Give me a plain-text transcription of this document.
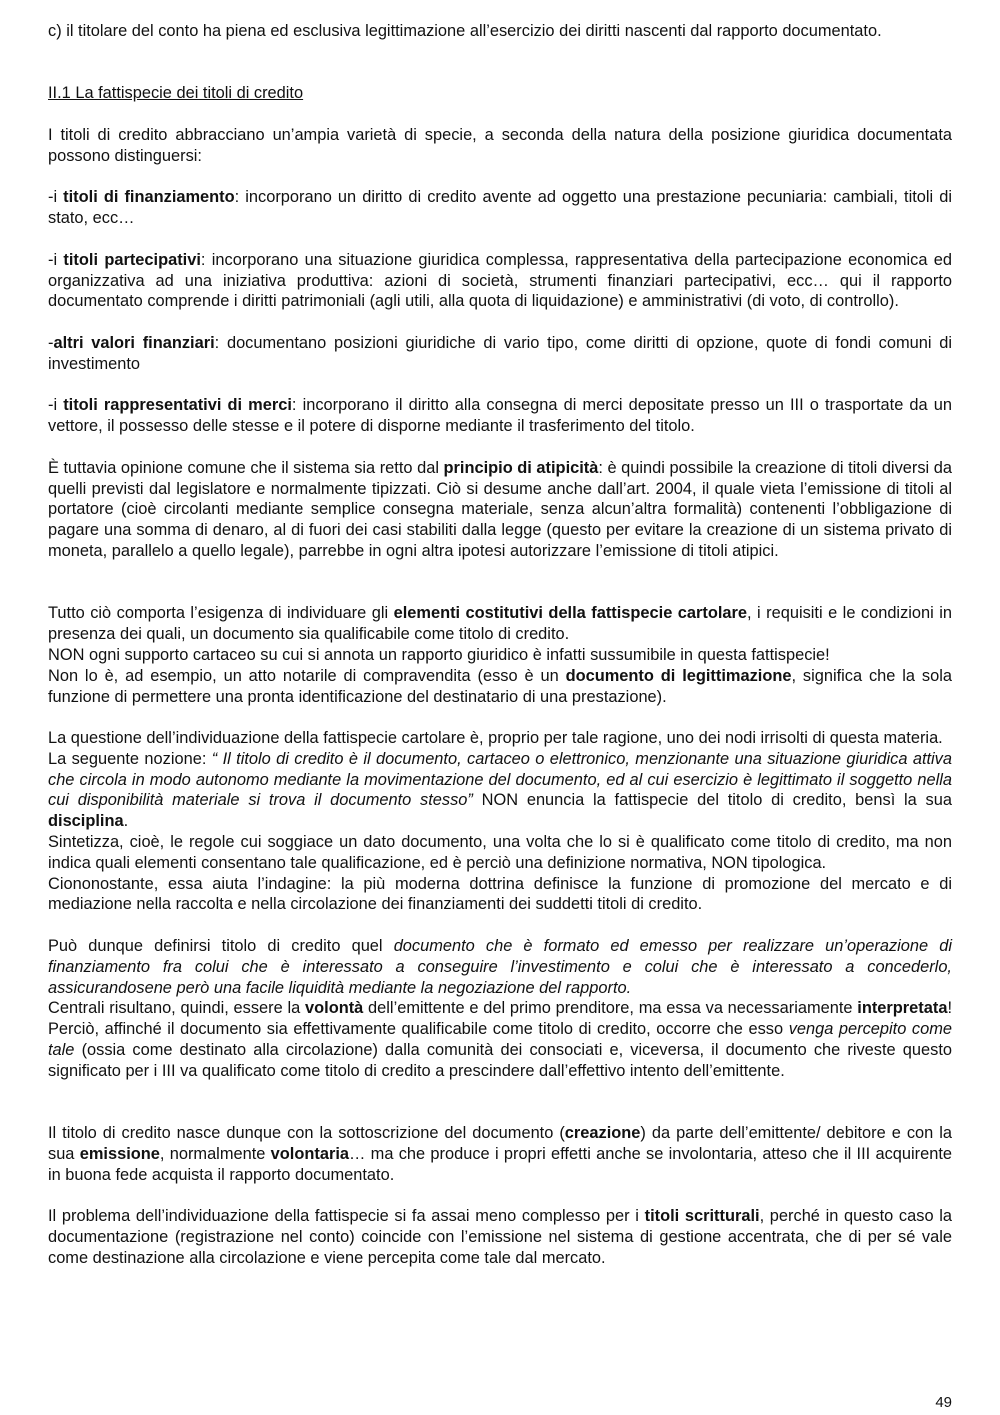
c) il titolare del conto ha piena ed esclusiva legittimazione all’esercizio dei diritti nascenti dal rapporto documentato.

II.1 La fattispecie dei titoli di credito

I titoli di credito abbracciano un’ampia varietà di specie, a seconda della natura della posizione giuridica documentata possono distinguersi:

-i titoli di finanziamento: incorporano un diritto di credito avente ad oggetto una prestazione pecuniaria: cambiali, titoli di stato, ecc…

-i titoli partecipativi: incorporano una situazione giuridica complessa, rappresentativa della partecipazione economica ed organizzativa ad una iniziativa produttiva: azioni di società, strumenti finanziari partecipativi, ecc… qui il rapporto documentato comprende i diritti patrimoniali (agli utili, alla quota di liquidazione) e amministrativi (di voto, di controllo).

-altri valori finanziari: documentano posizioni giuridiche di vario tipo, come diritti di opzione, quote di fondi comuni di investimento

-i titoli rappresentativi di merci: incorporano il diritto alla consegna di merci depositate presso un III o trasportate da un vettore, il possesso delle stesse e il potere di disporne mediante il trasferimento del titolo.

È tuttavia opinione comune che il sistema sia retto dal principio di atipicità: è quindi possibile la creazione di titoli diversi da quelli previsti dal legislatore e normalmente tipizzati. Ciò si desume anche dall’art. 2004, il quale vieta l’emissione di titoli al portatore (cioè circolanti mediante semplice consegna materiale, senza alcun’altra formalità) contenenti l’obbligazione di pagare una somma di denaro, al di fuori dei casi stabiliti dalla legge (questo per evitare la creazione di un sistema privato di moneta, parallelo a quello legale), parrebbe in ogni altra ipotesi autorizzare l’emissione di titoli atipici.

Tutto ciò comporta l’esigenza di individuare gli elementi costitutivi della fattispecie cartolare, i requisiti e le condizioni in presenza dei quali, un documento sia qualificabile come titolo di credito.

NON ogni supporto cartaceo su cui si annota un rapporto giuridico è infatti sussumibile in questa fattispecie!

Non lo è, ad esempio, un atto notarile di compravendita (esso è un documento di legittimazione, significa che la sola funzione di permettere una pronta identificazione del destinatario di una prestazione).

La questione dell’individuazione della fattispecie cartolare è, proprio per tale ragione, uno dei nodi irrisolti di questa materia.

La seguente nozione: “ Il titolo di credito è il documento, cartaceo o elettronico, menzionante una situazione giuridica attiva che circola in modo autonomo mediante la movimentazione del documento, ed al cui esercizio è legittimato il soggetto nella cui disponibilità materiale si trova il documento stesso” NON enuncia la fattispecie del titolo di credito, bensì la sua disciplina.

Sintetizza, cioè, le regole cui soggiace un dato documento, una volta che lo si è qualificato come titolo di credito, ma non indica quali elementi consentano tale qualificazione, ed è perciò una definizione normativa, NON tipologica.

Ciononostante, essa aiuta l’indagine: la più moderna dottrina definisce la funzione di promozione del mercato e di mediazione nella raccolta e nella circolazione dei finanziamenti dei suddetti titoli di credito.

Può dunque definirsi titolo di credito quel documento che è formato ed emesso per realizzare un’operazione di finanziamento fra colui che è interessato a conseguire l’investimento e colui che è interessato a concederlo, assicurandosene però una facile liquidità mediante la negoziazione del rapporto.

Centrali risultano, quindi, essere la volontà dell’emittente e del primo prenditore, ma essa va necessariamente interpretata! Perciò, affinché il documento sia effettivamente qualificabile come titolo di credito, occorre che esso venga percepito come tale (ossia come destinato alla circolazione) dalla comunità dei consociati e, viceversa, il documento che riveste questo significato per i III va qualificato come titolo di credito a prescindere dall’effettivo intento dell’emittente.

Il titolo di credito nasce dunque con la sottoscrizione del documento (creazione) da parte dell’emittente/ debitore e con la sua emissione, normalmente volontaria… ma che produce i propri effetti anche se involontaria, atteso che il III acquirente in buona fede acquista il rapporto documentato.

Il problema dell’individuazione della fattispecie si fa assai meno complesso per i titoli scritturali, perché in questo caso la documentazione (registrazione nel conto) coincide con l’emissione nel sistema di gestione accentrata, che di per sé vale come destinazione alla circolazione e viene percepita come tale dal mercato.

49
